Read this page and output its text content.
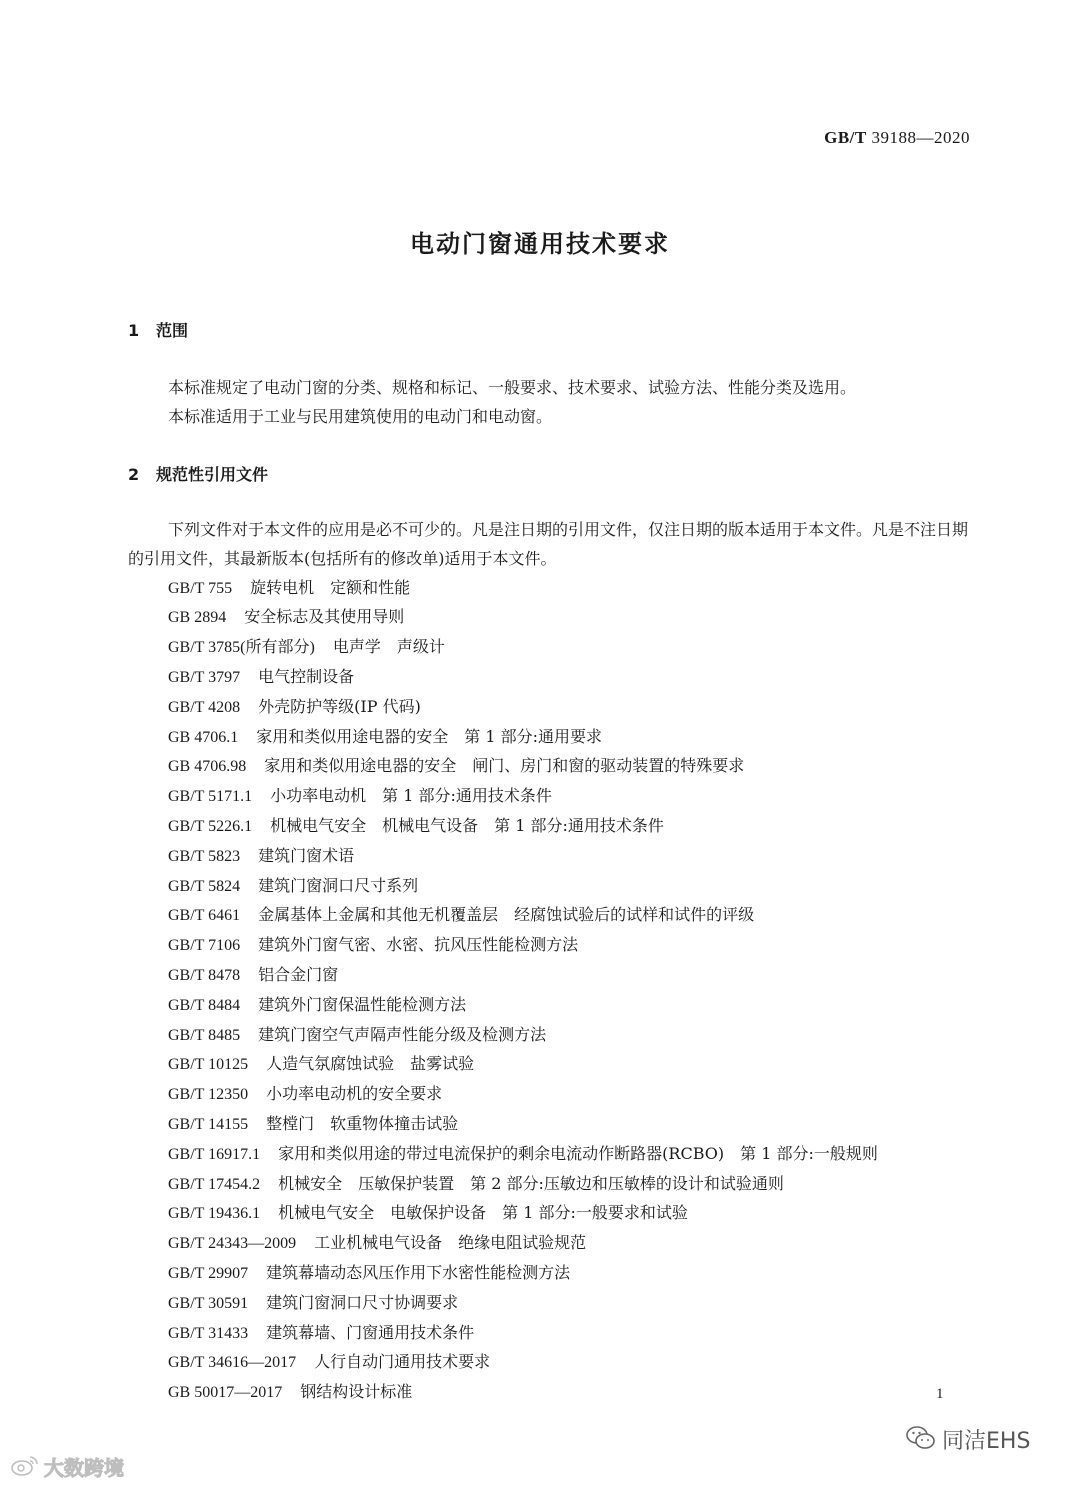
GB/T 39188—2020
电动门窗通用技术要求
1 范围

本标准规定了电动门窗的分类、规格和标记、一般要求、技术要求、试验方法、性能分类及选用。

本标准适用于工业与民用建筑使用的电动门和电动窗。

2 规范性引用文件

下列文件对于本文件的应用是必不可少的。凡是注日期的引用文件，仅注日期的版本适用于本文件。凡是不注日期的引用文件，其最新版本(包括所有的修改单)适用于本文件。

GB/T 755 旋转电机　定额和性能
GB 2894 安全标志及其使用导则
GB/T 3785(所有部分) 电声学　声级计
GB/T 3797 电气控制设备
GB/T 4208 外壳防护等级(IP 代码)
GB 4706.1 家用和类似用途电器的安全　第 1 部分:通用要求
GB 4706.98 家用和类似用途电器的安全　闸门、房门和窗的驱动装置的特殊要求
GB/T 5171.1 小功率电动机　第 1 部分:通用技术条件
GB/T 5226.1 机械电气安全　机械电气设备　第 1 部分:通用技术条件
GB/T 5823 建筑门窗术语
GB/T 5824 建筑门窗洞口尺寸系列
GB/T 6461 金属基体上金属和其他无机覆盖层　经腐蚀试验后的试样和试件的评级
GB/T 7106 建筑外门窗气密、水密、抗风压性能检测方法
GB/T 8478 铝合金门窗
GB/T 8484 建筑外门窗保温性能检测方法
GB/T 8485 建筑门窗空气声隔声性能分级及检测方法
GB/T 10125 人造气氛腐蚀试验　盐雾试验
GB/T 12350 小功率电动机的安全要求
GB/T 14155 整樘门　软重物体撞击试验
GB/T 16917.1 家用和类似用途的带过电流保护的剩余电流动作断路器(RCBO)　第 1 部分:一般规则
GB/T 17454.2 机械安全　压敏保护装置　第 2 部分:压敏边和压敏棒的设计和试验通则
GB/T 19436.1 机械电气安全　电敏保护设备　第 1 部分:一般要求和试验
GB/T 24343—2009 工业机械电气设备　绝缘电阻试验规范
GB/T 29907 建筑幕墙动态风压作用下水密性能检测方法
GB/T 30591 建筑门窗洞口尺寸协调要求
GB/T 31433 建筑幕墙、门窗通用技术条件
GB/T 34616—2017 人行自动门通用技术要求
GB 50017—2017 钢结构设计标准	1
大数跨境
同洁EHS
